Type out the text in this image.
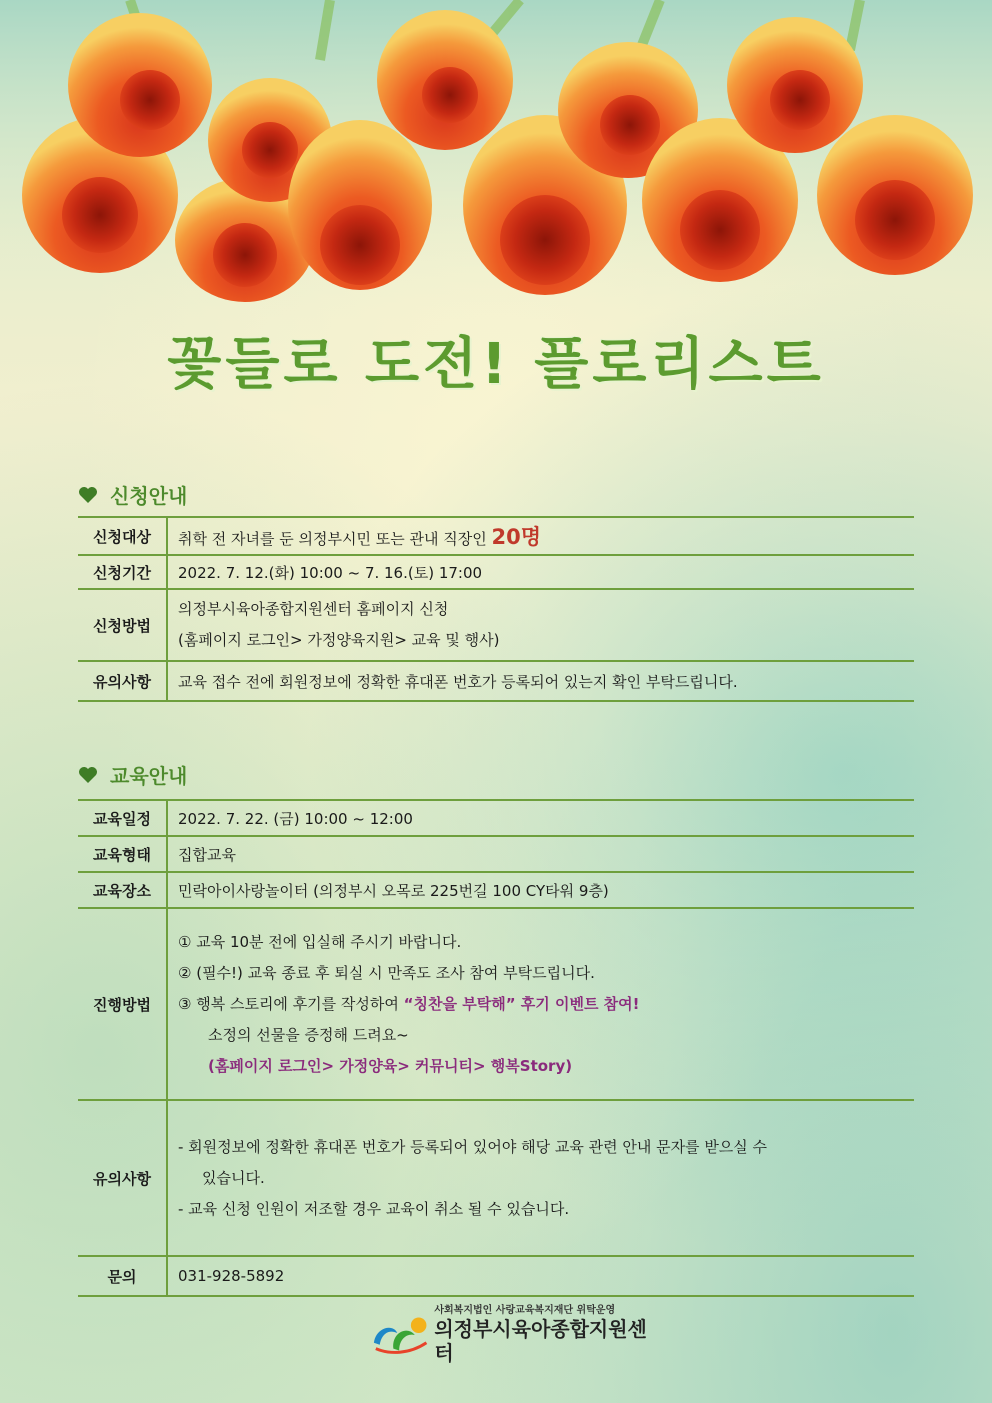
꽃들로 도전! 플로리스트
신청안내
신청대상	취학 전 자녀를 둔 의정부시민 또는 관내 직장인 20명
신청기간	2022. 7. 12.(화) 10:00 ~ 7. 16.(토) 17:00
신청방법	의정부시육아종합지원센터 홈페이지 신청
(홈페이지 로그인> 가정양육지원> 교육 및 행사)

유의사항	교육 접수 전에 회원정보에 정확한 휴대폰 번호가 등록되어 있는지 확인 부탁드립니다.
교육안내
교육일정	2022. 7. 22. (금) 10:00 ~ 12:00
교육형태	집합교육
교육장소	민락아이사랑놀이터 (의정부시 오목로 225번길 100 CY타워 9층)
진행방법	① 교육 10분 전에 입실해 주시기 바랍니다.
② (필수!) 교육 종료 후 퇴실 시 만족도 조사 참여 부탁드립니다.
③ 행복 스토리에 후기를 작성하여 “칭찬을 부탁해” 후기 이벤트 참여!
소정의 선물을 증정해 드려요~
(홈페이지 로그인> 가정양육> 커뮤니티> 행복Story)

유의사항	- 회원정보에 정확한 휴대폰 번호가 등록되어 있어야 해당 교육 관련 안내 문자를 받으실 수
있습니다.
- 교육 신청 인원이 저조할 경우 교육이 취소 될 수 있습니다.

문의	031-928-5892
사회복지법인 사랑교육복지재단 위탁운영
의정부시육아종합지원센터
